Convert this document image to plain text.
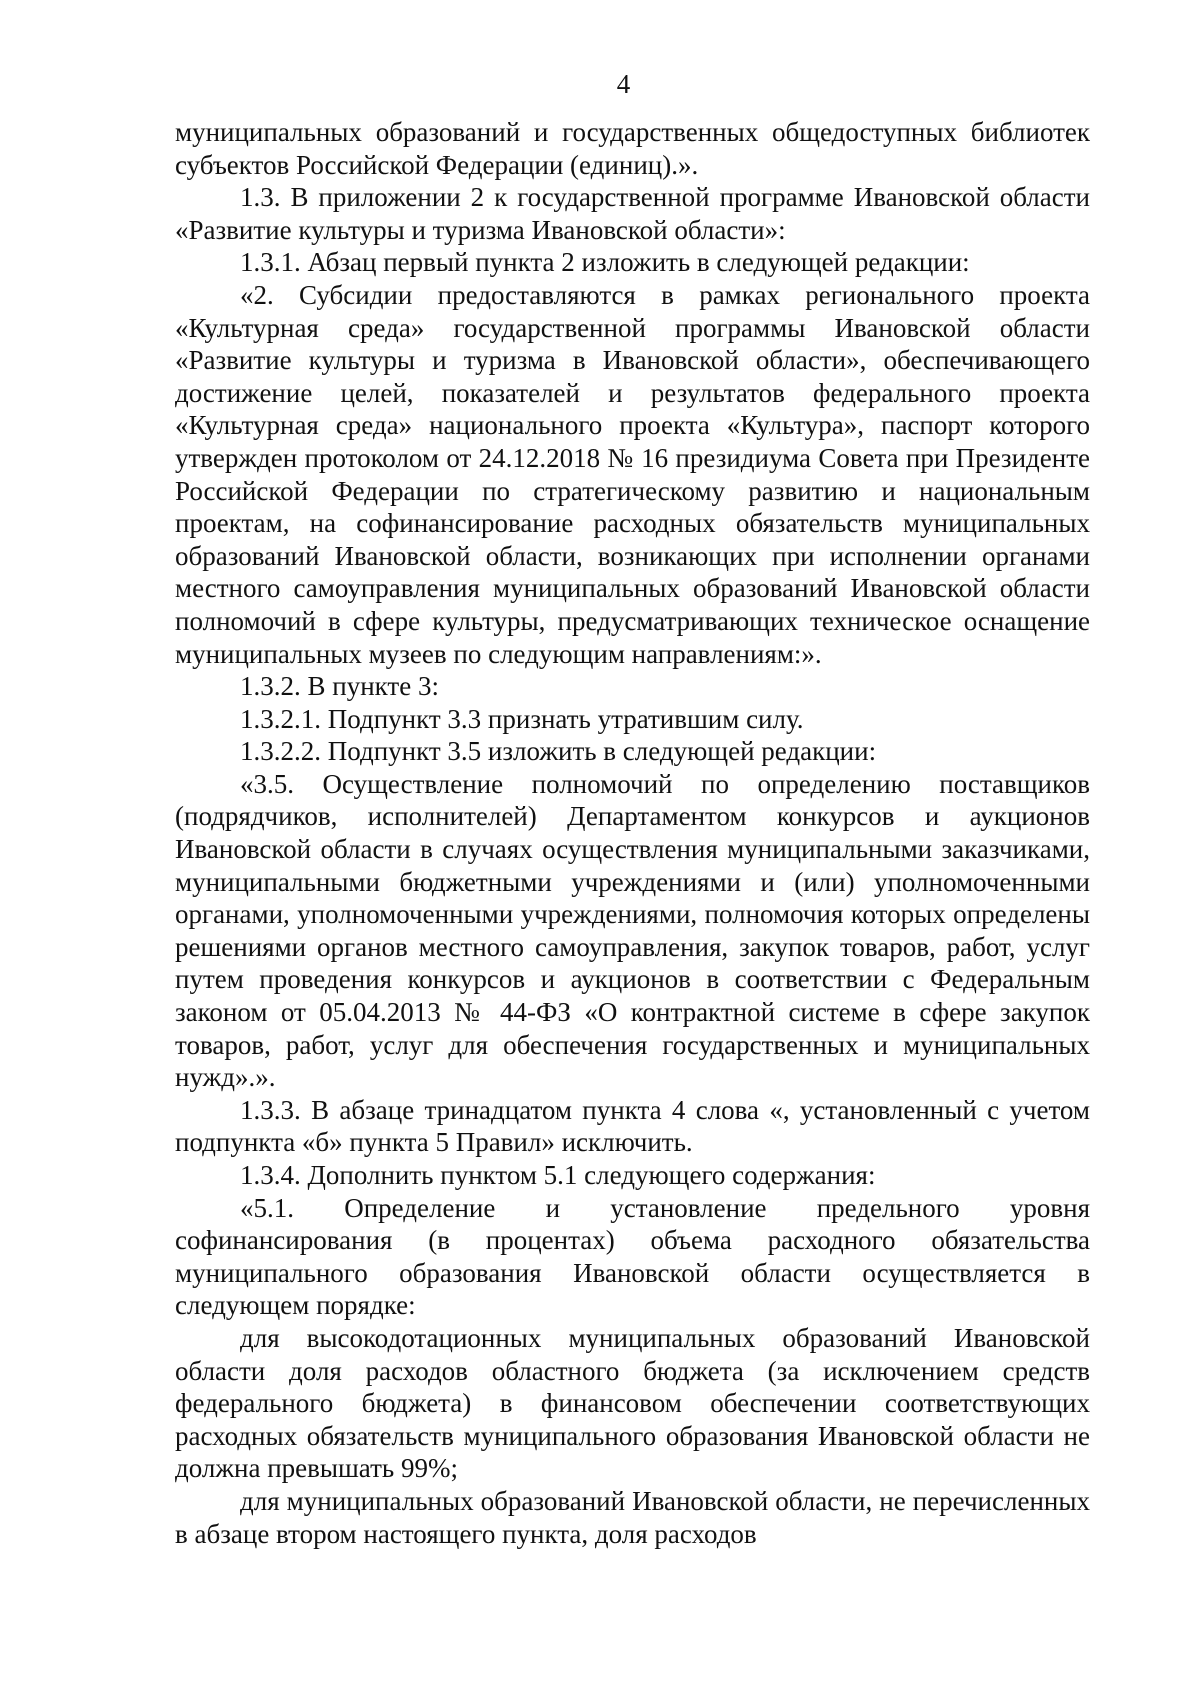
4

муниципальных образований и государственных общедоступных библиотек субъектов Российской Федерации (единиц).».

1.3. В приложении 2 к государственной программе Ивановской области «Развитие культуры и туризма Ивановской области»:

1.3.1. Абзац первый пункта 2 изложить в следующей редакции:

«2. Субсидии предоставляются в рамках регионального проекта «Культурная среда» государственной программы Ивановской области «Развитие культуры и туризма в Ивановской области», обеспечивающего достижение целей, показателей и результатов федерального проекта «Культурная среда» национального проекта «Культура», паспорт которого утвержден протоколом от 24.12.2018 № 16 президиума Совета при Президенте Российской Федерации по стратегическому развитию и национальным проектам, на софинансирование расходных обязательств муниципальных образований Ивановской области, возникающих при исполнении органами местного самоуправления муниципальных образований Ивановской области полномочий в сфере культуры, предусматривающих техническое оснащение муниципальных музеев по следующим направлениям:».

1.3.2. В пункте 3:

1.3.2.1. Подпункт 3.3 признать утратившим силу.

1.3.2.2. Подпункт 3.5 изложить в следующей редакции:

«3.5. Осуществление полномочий по определению поставщиков (подрядчиков, исполнителей) Департаментом конкурсов и аукционов Ивановской области в случаях осуществления муниципальными заказчиками, муниципальными бюджетными учреждениями и (или) уполномоченными органами, уполномоченными учреждениями, полномочия которых определены решениями органов местного самоуправления, закупок товаров, работ, услуг путем проведения конкурсов и аукционов в соответствии с Федеральным законом от 05.04.2013 № 44-ФЗ «О контрактной системе в сфере закупок товаров, работ, услуг для обеспечения государственных и муниципальных нужд».».

1.3.3. В абзаце тринадцатом пункта 4 слова «, установленный с учетом подпункта «б» пункта 5 Правил» исключить.

1.3.4. Дополнить пунктом 5.1 следующего содержания:

«5.1. Определение и установление предельного уровня софинансирования (в процентах) объема расходного обязательства муниципального образования Ивановской области осуществляется в следующем порядке:

для высокодотационных муниципальных образований Ивановской области доля расходов областного бюджета (за исключением средств федерального бюджета) в финансовом обеспечении соответствующих расходных обязательств муниципального образования Ивановской области не должна превышать 99%;

для муниципальных образований Ивановской области, не перечисленных в абзаце втором настоящего пункта, доля расходов
